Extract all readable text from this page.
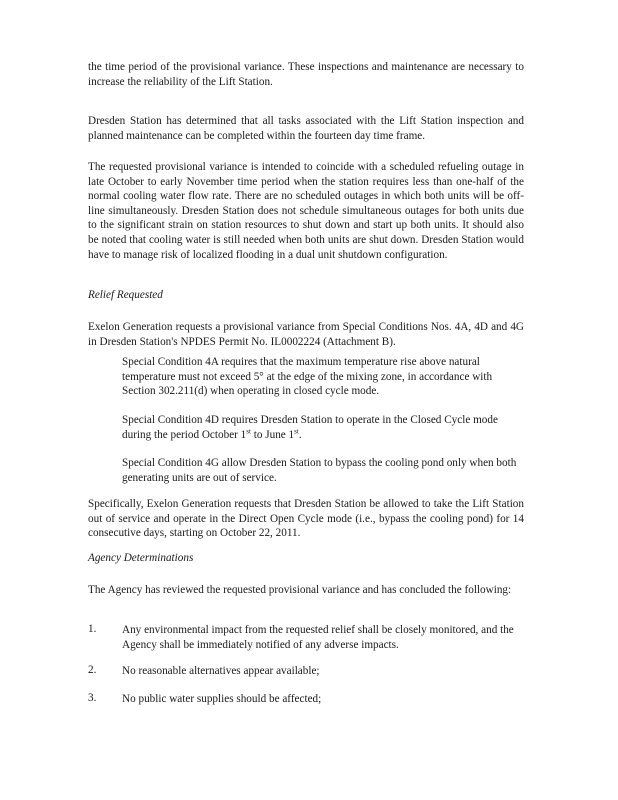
the time period of the provisional variance. These inspections and maintenance are necessary to increase the reliability of the Lift Station.

Dresden Station has determined that all tasks associated with the Lift Station inspection and planned maintenance can be completed within the fourteen day time frame.

The requested provisional variance is intended to coincide with a scheduled refueling outage in late October to early November time period when the station requires less than one-half of the normal cooling water flow rate. There are no scheduled outages in which both units will be off-line simultaneously. Dresden Station does not schedule simultaneous outages for both units due to the significant strain on station resources to shut down and start up both units. It should also be noted that cooling water is still needed when both units are shut down. Dresden Station would have to manage risk of localized flooding in a dual unit shutdown configuration.

Relief Requested

Exelon Generation requests a provisional variance from Special Conditions Nos. 4A, 4D and 4G in Dresden Station's NPDES Permit No. IL0002224 (Attachment B).

Special Condition 4A requires that the maximum temperature rise above natural temperature must not exceed 5° at the edge of the mixing zone, in accordance with Section 302.211(d) when operating in closed cycle mode.

Special Condition 4D requires Dresden Station to operate in the Closed Cycle mode during the period October 1st to June 1st.

Special Condition 4G allow Dresden Station to bypass the cooling pond only when both generating units are out of service.

Specifically, Exelon Generation requests that Dresden Station be allowed to take the Lift Station out of service and operate in the Direct Open Cycle mode (i.e., bypass the cooling pond) for 14 consecutive days, starting on October 22, 2011.

Agency Determinations

The Agency has reviewed the requested provisional variance and has concluded the following:

1. Any environmental impact from the requested relief shall be closely monitored, and the Agency shall be immediately notified of any adverse impacts.

2. No reasonable alternatives appear available;

3. No public water supplies should be affected;
